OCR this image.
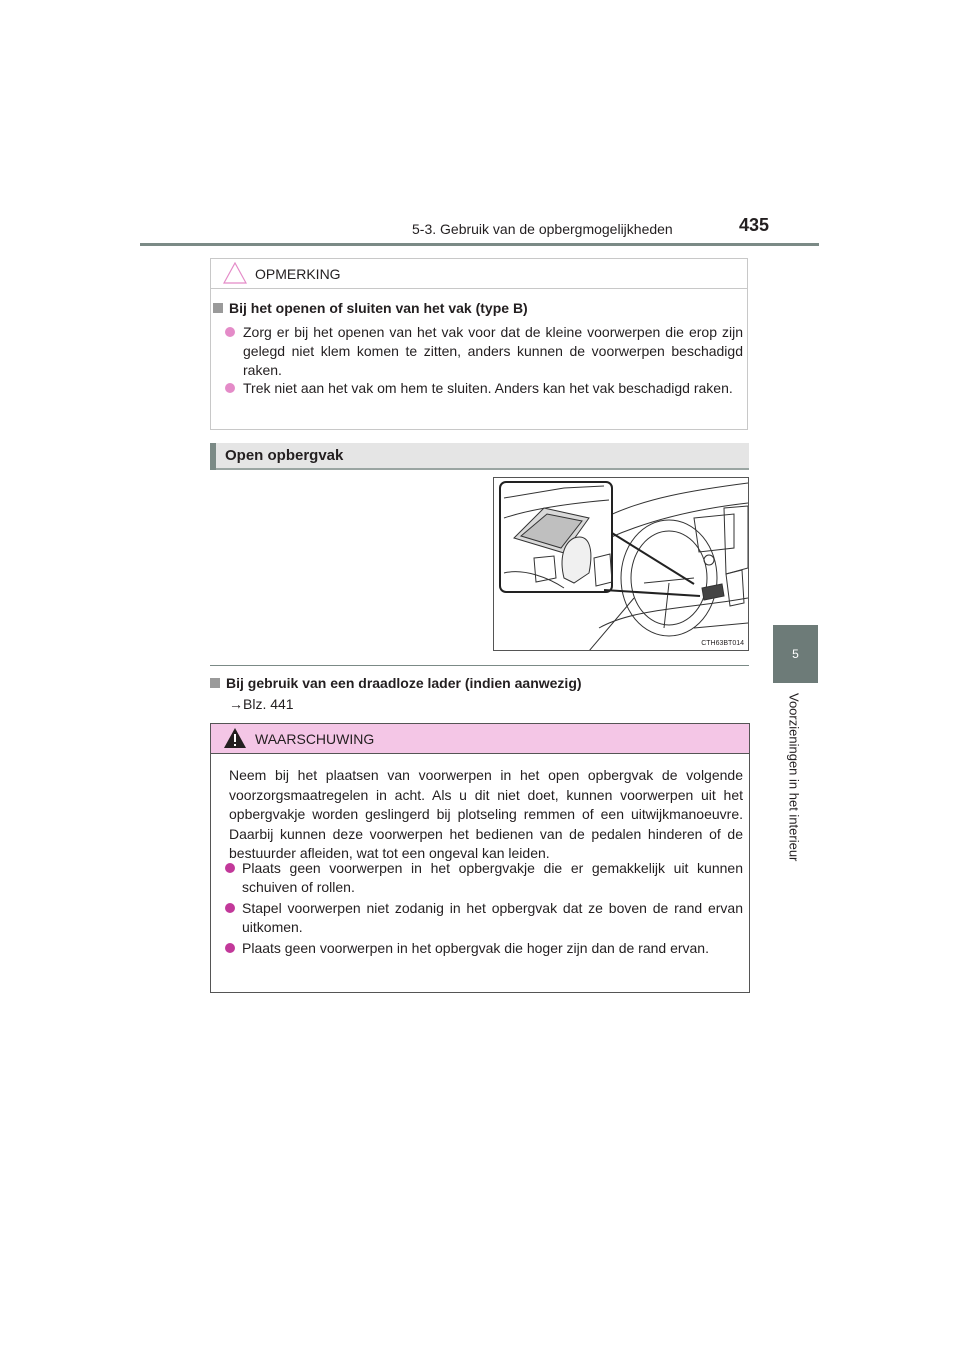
5-3. Gebruik van de opbergmogelijkheden	435
5
Voorzieningen in het interieur
OPMERKING
Bij het openen of sluiten van het vak (type B)
Zorg er bij het openen van het vak voor dat de kleine voorwerpen die erop zijn gelegd niet klem komen te zitten, anders kunnen de voorwerpen beschadigd raken.
Trek niet aan het vak om hem te sluiten. Anders kan het vak beschadigd raken.
Open opbergvak
CTH63BT014
Bij gebruik van een draadloze lader (indien aanwezig)
→Blz. 441
WAARSCHUWING
Neem bij het plaatsen van voorwerpen in het open opbergvak de volgende voorzorgsmaatregelen in acht. Als u dit niet doet, kunnen voorwerpen uit het opbergvakje worden geslingerd bij plotseling remmen of een uitwijkmanoeuvre. Daarbij kunnen deze voorwerpen het bedienen van de pedalen hinderen of de bestuurder afleiden, wat tot een ongeval kan leiden.
Plaats geen voorwerpen in het opbergvakje die er gemakkelijk uit kunnen schuiven of rollen.
Stapel voorwerpen niet zodanig in het opbergvak dat ze boven de rand ervan uitkomen.
Plaats geen voorwerpen in het opbergvak die hoger zijn dan de rand ervan.
